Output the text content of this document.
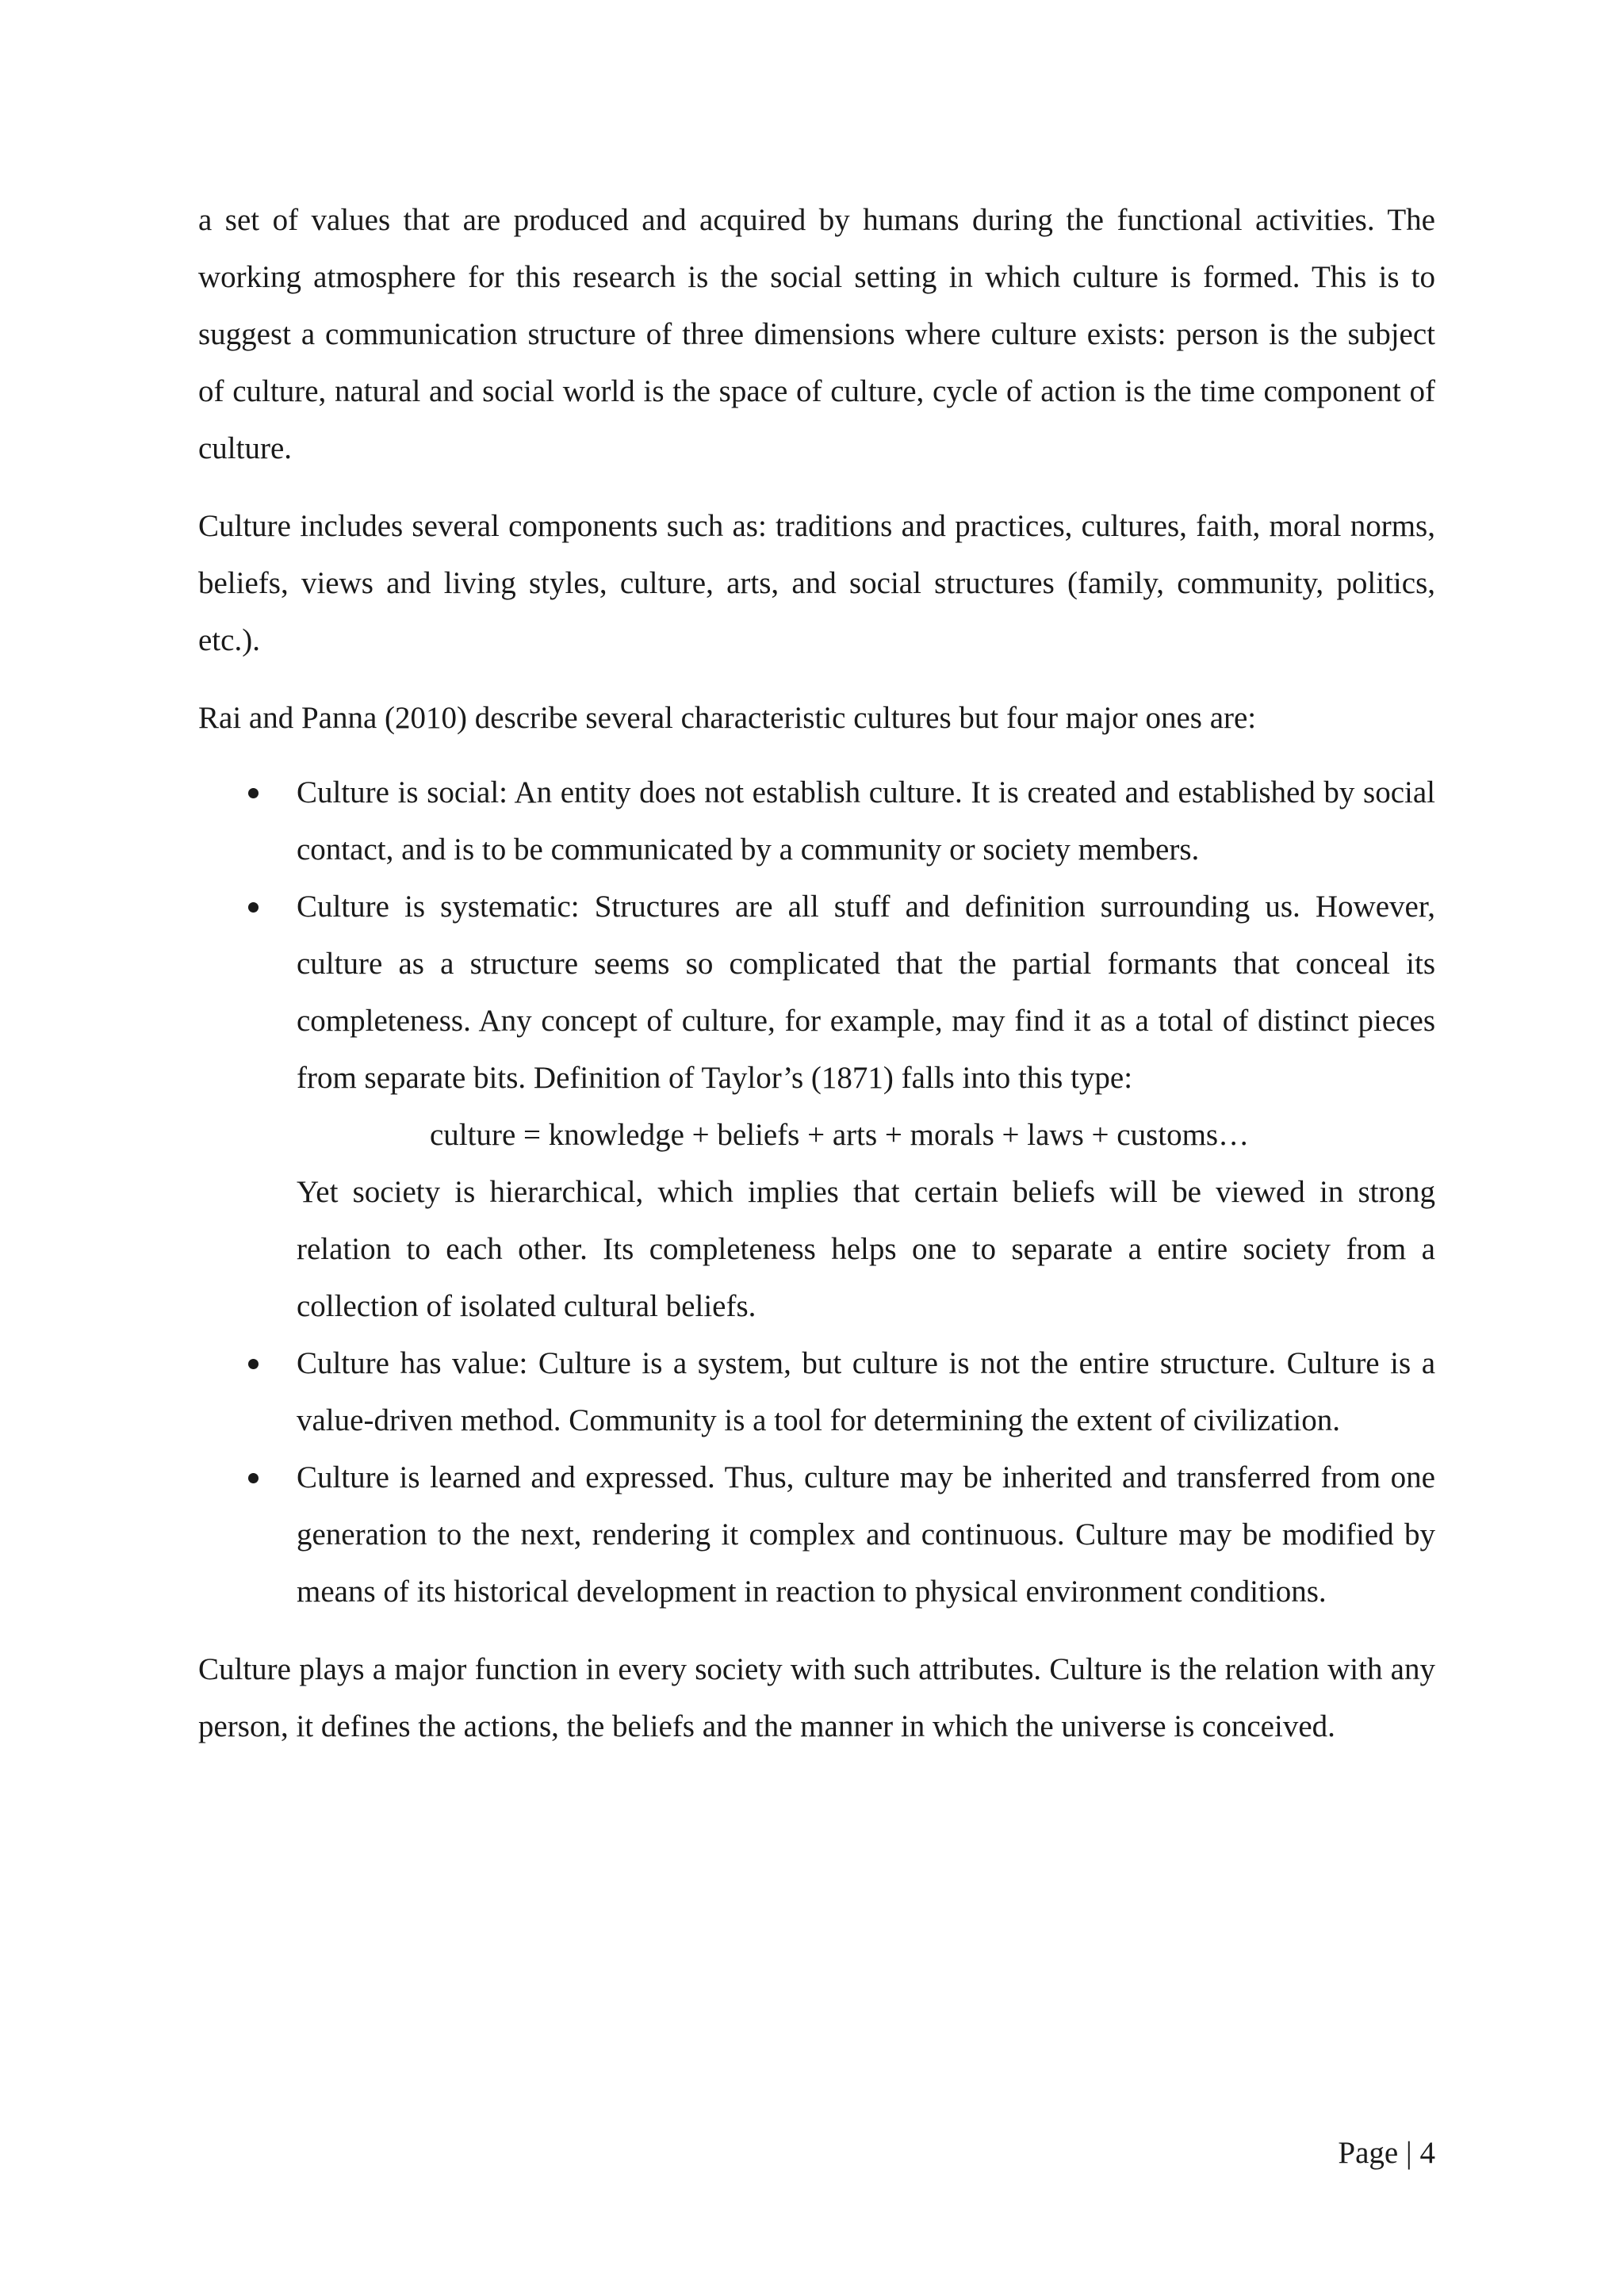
a set of values that are produced and acquired by humans during the functional activities. The working atmosphere for this research is the social setting in which culture is formed. This is to suggest a communication structure of three dimensions where culture exists: person is the subject of culture, natural and social world is the space of culture, cycle of action is the time component of culture.

Culture includes several components such as: traditions and practices, cultures, faith, moral norms, beliefs, views and living styles, culture, arts, and social structures (family, community, politics, etc.).

Rai and Panna (2010) describe several characteristic cultures but four major ones are:

Culture is social: An entity does not establish culture. It is created and established by social contact, and is to be communicated by a community or society members.
Culture is systematic: Structures are all stuff and definition surrounding us. However, culture as a structure seems so complicated that the partial formants that conceal its completeness. Any concept of culture, for example, may find it as a total of distinct pieces from separate bits. Definition of Taylor’s (1871) falls into this type:
culture = knowledge + beliefs + arts + morals + laws + customs…
Yet society is hierarchical, which implies that certain beliefs will be viewed in strong relation to each other. Its completeness helps one to separate a entire society from a collection of isolated cultural beliefs.
Culture has value: Culture is a system, but culture is not the entire structure. Culture is a value-driven method. Community is a tool for determining the extent of civilization.
Culture is learned and expressed. Thus, culture may be inherited and transferred from one generation to the next, rendering it complex and continuous. Culture may be modified by means of its historical development in reaction to physical environment conditions.

Culture plays a major function in every society with such attributes. Culture is the relation with any person, it defines the actions, the beliefs and the manner in which the universe is conceived.

Page | 4
